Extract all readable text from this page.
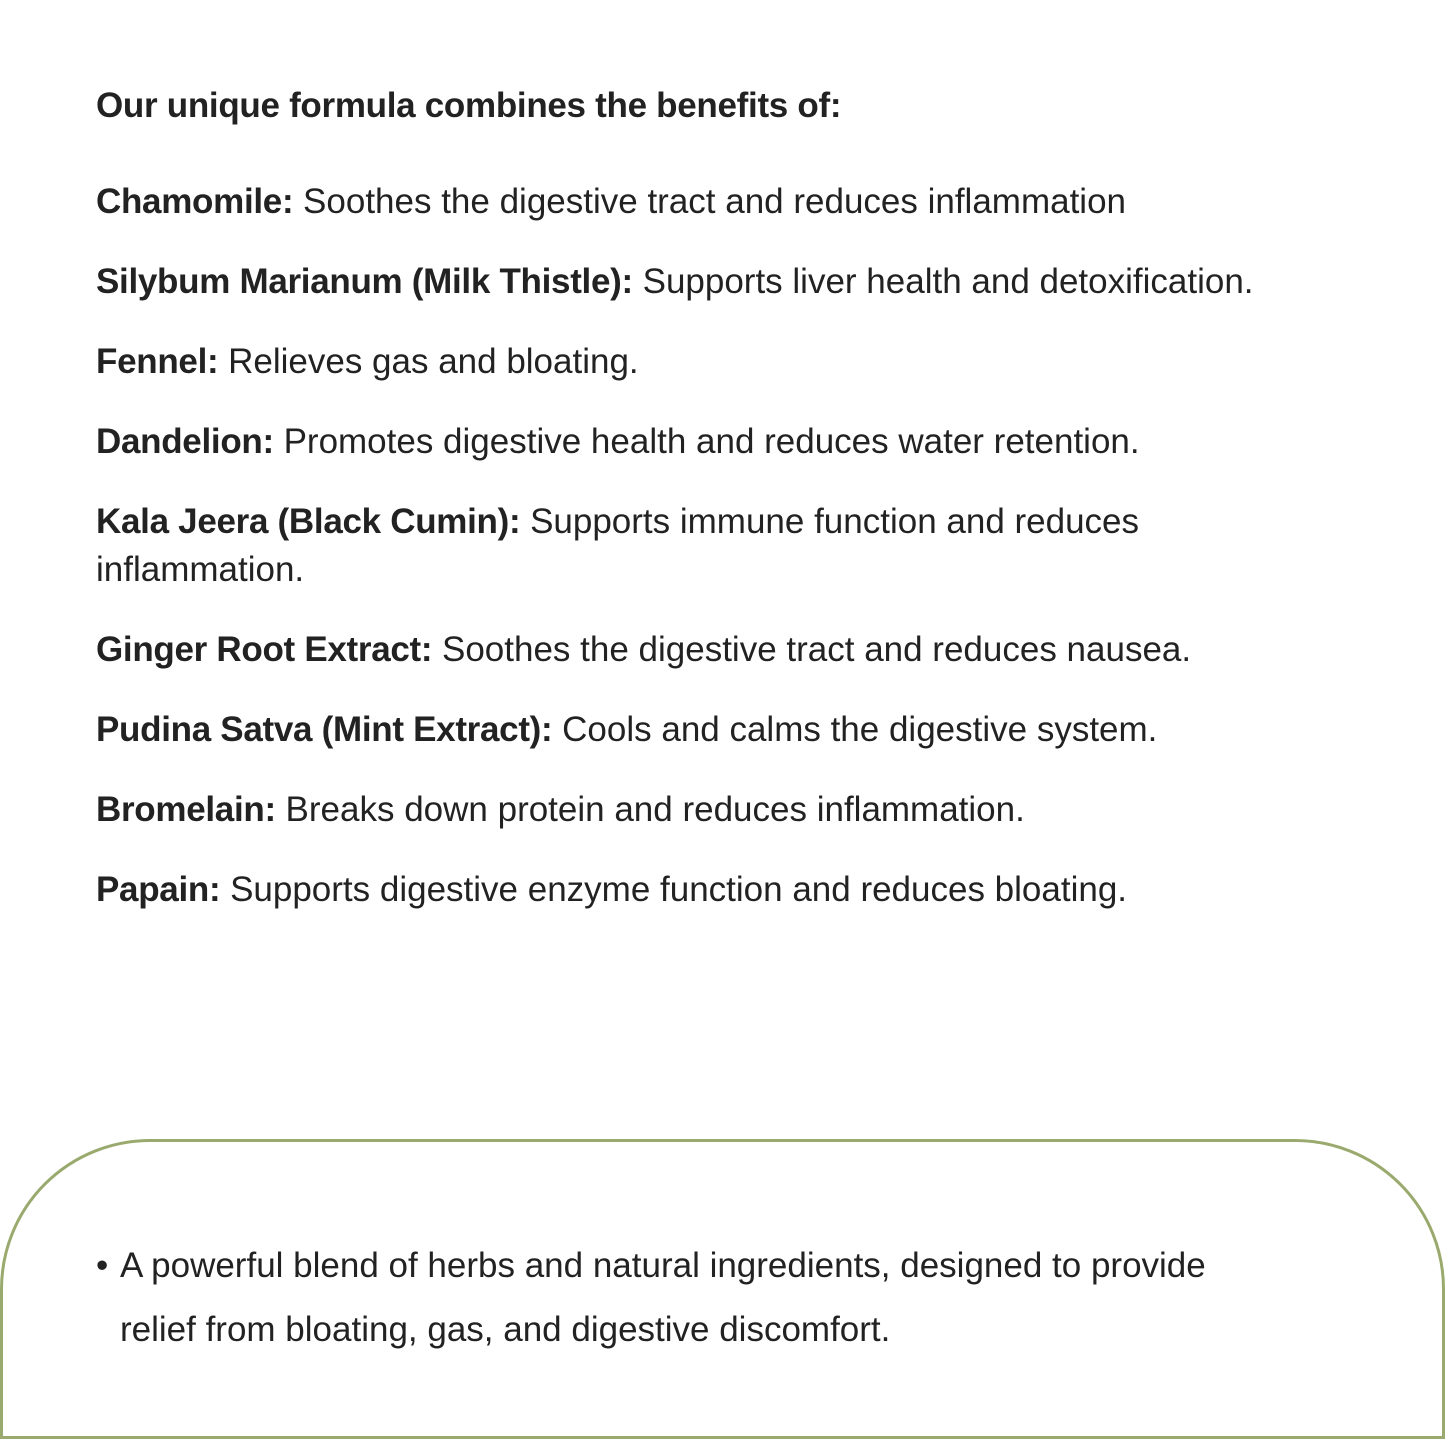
Our unique formula combines the benefits of:

Chamomile: Soothes the digestive tract and reduces inflammation

Silybum Marianum (Milk Thistle): Supports liver health and detoxification.

Fennel: Relieves gas and bloating.

Dandelion: Promotes digestive health and reduces water retention.

Kala Jeera (Black Cumin): Supports immune function and reduces inflammation.

Ginger Root Extract: Soothes the digestive tract and reduces nausea.

Pudina Satva (Mint Extract): Cools and calms the digestive system.

Bromelain: Breaks down protein and reduces inflammation.

Papain: Supports digestive enzyme function and reduces bloating.

• A powerful blend of herbs and natural ingredients, designed to provide relief from bloating, gas, and digestive discomfort.
